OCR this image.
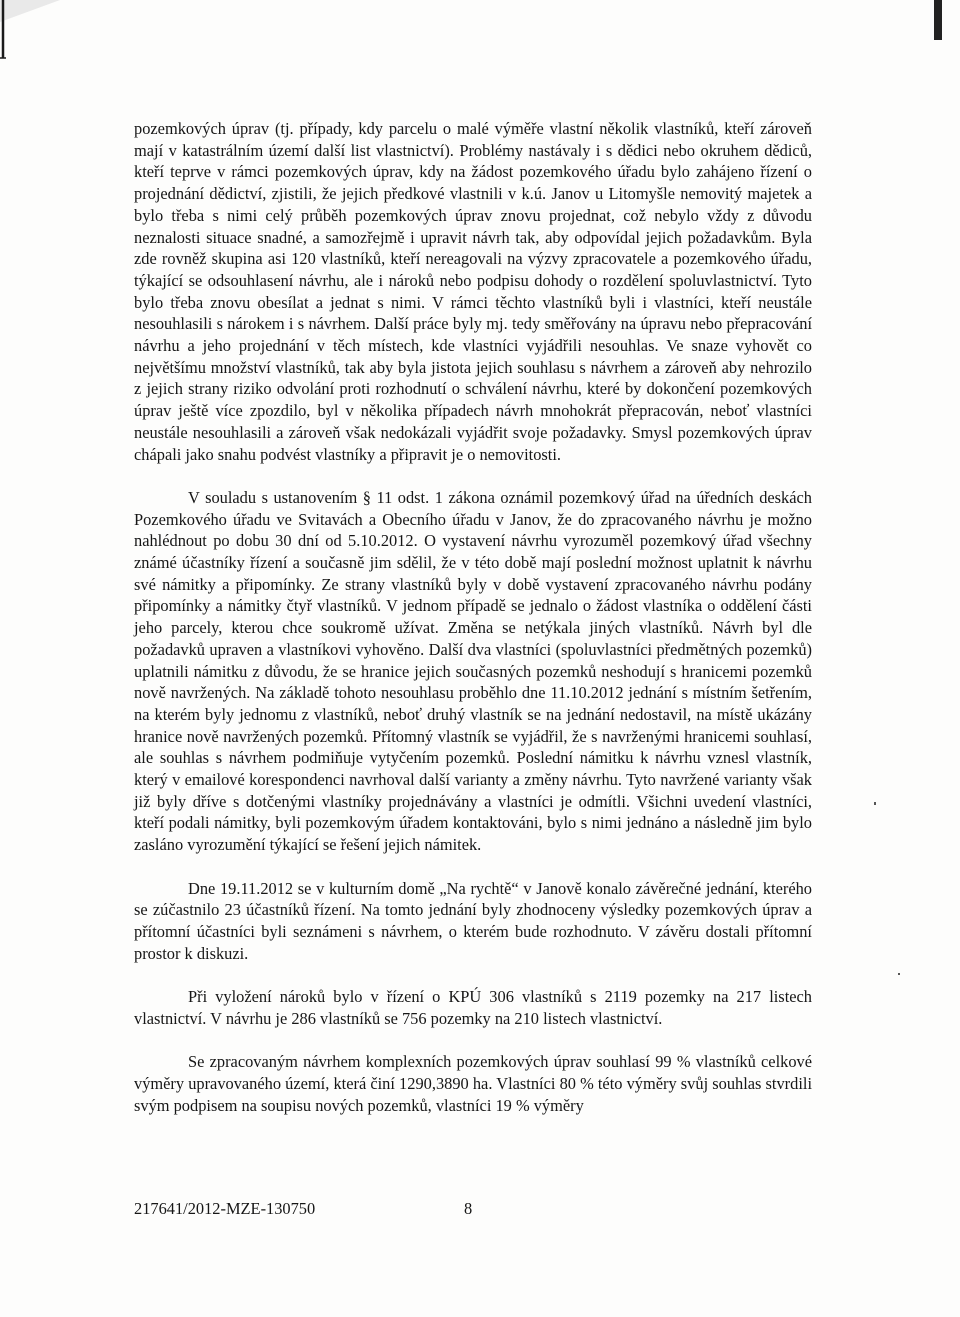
pozemkových úprav (tj. případy, kdy parcelu o malé výměře vlastní několik vlastníků, kteří zároveň mají v katastrálním území další list vlastnictví). Problémy nastávaly i s dědici nebo okruhem dědiců, kteří teprve v rámci pozemkových úprav, kdy na žádost pozemkového úřadu bylo zahájeno řízení o projednání dědictví, zjistili, že jejich předkové vlastnili v k.ú. Janov u Litomyšle nemovitý majetek a bylo třeba s nimi celý průběh pozemkových úprav znovu projednat, což nebylo vždy z důvodu neznalosti situace snadné, a samozřejmě i upravit návrh tak, aby odpovídal jejich požadavkům. Byla zde rovněž skupina asi 120 vlastníků, kteří nereagovali na výzvy zpracovatele a pozemkového úřadu, týkající se odsouhlasení návrhu, ale i nároků nebo podpisu dohody o rozdělení spoluvlastnictví. Tyto bylo třeba znovu obesílat a jednat s nimi. V rámci těchto vlastníků byli i vlastníci, kteří neustále nesouhlasili s nárokem i s návrhem. Další práce byly mj. tedy směřovány na úpravu nebo přepracování návrhu a jeho projednání v těch místech, kde vlastníci vyjádřili nesouhlas. Ve snaze vyhovět co největšímu množství vlastníků, tak aby byla jistota jejich souhlasu s návrhem a zároveň aby nehrozilo z jejich strany riziko odvolání proti rozhodnutí o schválení návrhu, které by dokončení pozemkových úprav ještě více zpozdilo, byl v několika případech návrh mnohokrát přepracován, neboť vlastníci neustále nesouhlasili a zároveň však nedokázali vyjádřit svoje požadavky. Smysl pozemkových úprav chápali jako snahu podvést vlastníky a připravit je o nemovitosti.

V souladu s ustanovením § 11 odst. 1 zákona oznámil pozemkový úřad na úředních deskách Pozemkového úřadu ve Svitavách a Obecního úřadu v Janov, že do zpracovaného návrhu je možno nahlédnout po dobu 30 dní od 5.10.2012. O vystavení návrhu vyrozuměl pozemkový úřad všechny známé účastníky řízení a současně jim sdělil, že v této době mají poslední možnost uplatnit k návrhu své námitky a připomínky. Ze strany vlastníků byly v době vystavení zpracovaného návrhu podány připomínky a námitky čtyř vlastníků. V jednom případě se jednalo o žádost vlastníka o oddělení části jeho parcely, kterou chce soukromě užívat. Změna se netýkala jiných vlastníků. Návrh byl dle požadavků upraven a vlastníkovi vyhověno. Další dva vlastníci (spoluvlastníci předmětných pozemků) uplatnili námitku z důvodu, že se hranice jejich současných pozemků neshodují s hranicemi pozemků nově navržených. Na základě tohoto nesouhlasu proběhlo dne 11.10.2012 jednání s místním šetřením, na kterém byly jednomu z vlastníků, neboť druhý vlastník se na jednání nedostavil, na místě ukázány hranice nově navržených pozemků. Přítomný vlastník se vyjádřil, že s navrženými hranicemi souhlasí, ale souhlas s návrhem podmiňuje vytyčením pozemků. Poslední námitku k návrhu vznesl vlastník, který v emailové korespondenci navrhoval další varianty a změny návrhu. Tyto navržené varianty však již byly dříve s dotčenými vlastníky projednávány a vlastníci je odmítli. Všichni uvedení vlastníci, kteří podali námitky, byli pozemkovým úřadem kontaktováni, bylo s nimi jednáno a následně jim bylo zasláno vyrozumění týkající se řešení jejich námitek.

Dne 19.11.2012 se v kulturním domě „Na rychtě“ v Janově konalo závěrečné jednání, kterého se zúčastnilo 23 účastníků řízení. Na tomto jednání byly zhodnoceny výsledky pozemkových úprav a přítomní účastníci byli seznámeni s návrhem, o kterém bude rozhodnuto. V závěru dostali přítomní prostor k diskuzi.

Při vyložení nároků bylo v řízení o KPÚ 306 vlastníků s 2119 pozemky na 217 listech vlastnictví. V návrhu je 286 vlastníků se 756 pozemky na 210 listech vlastnictví.

Se zpracovaným návrhem komplexních pozemkových úprav souhlasí 99 % vlastníků celkové výměry upravovaného území, která činí 1290,3890 ha. Vlastníci 80 % této výměry svůj souhlas stvrdili svým podpisem na soupisu nových pozemků, vlastníci 19 % výměry

217641/2012-MZE-130750	8
